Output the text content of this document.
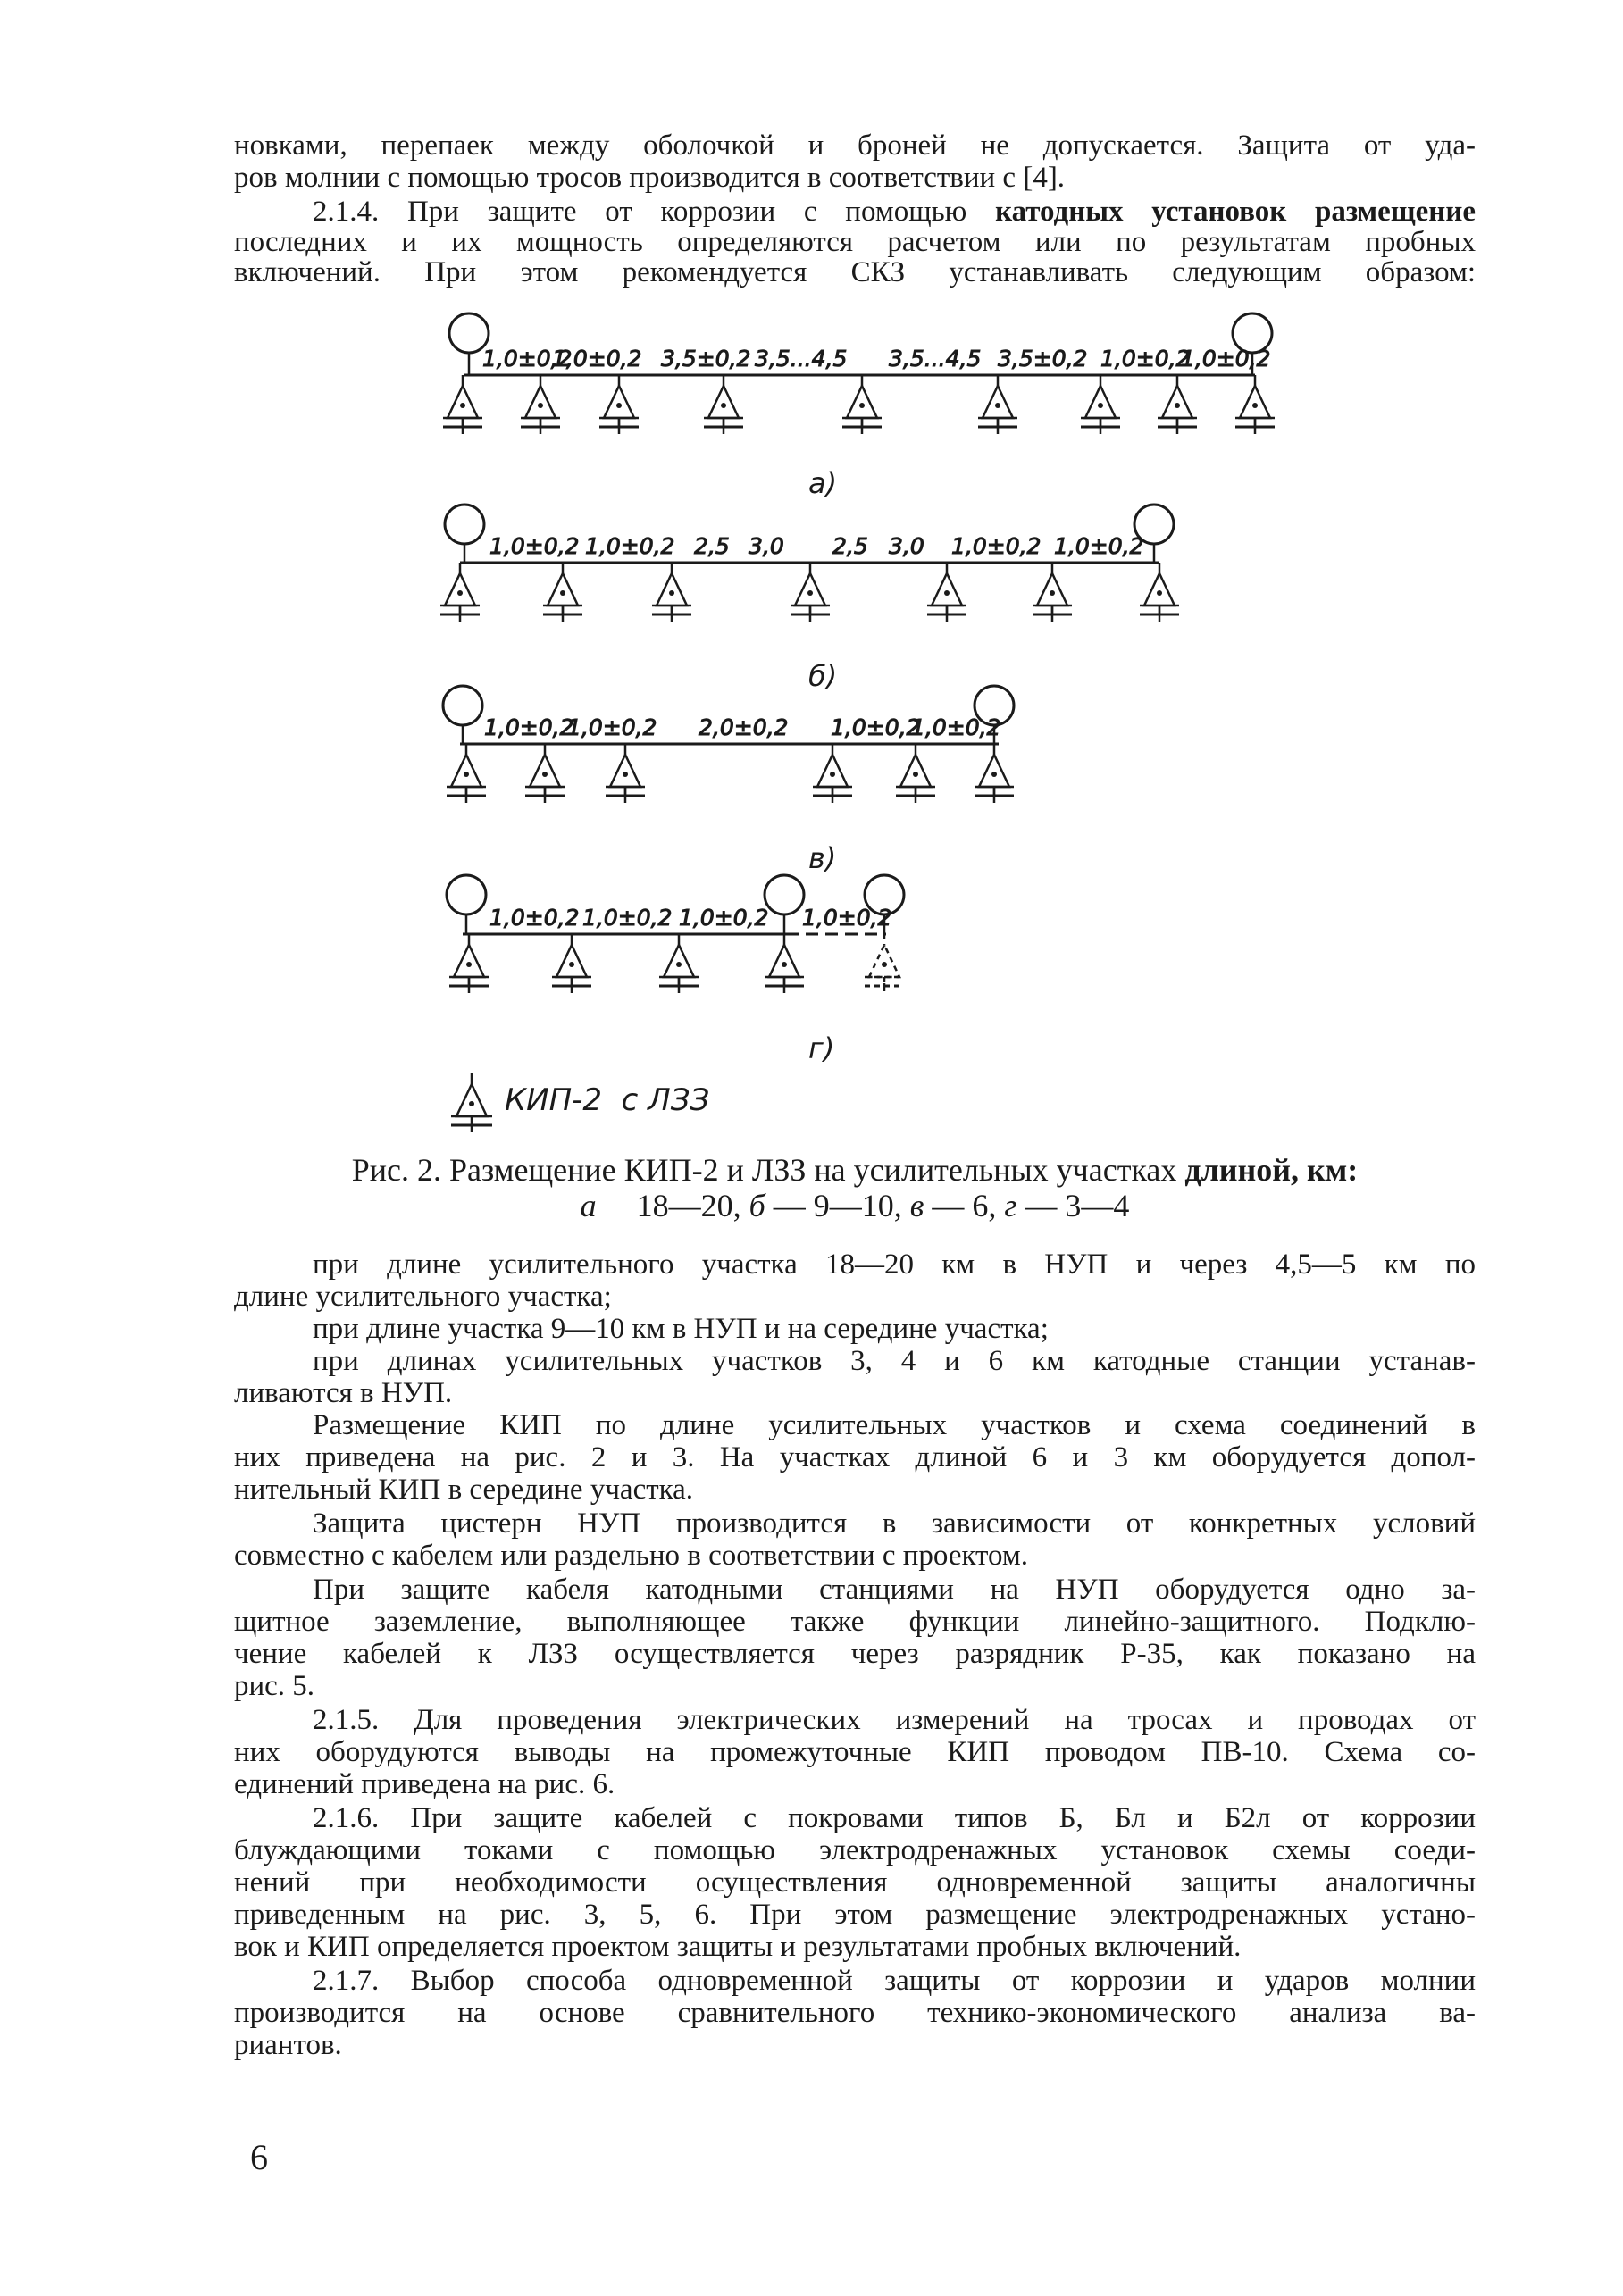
новками, перепаек между оболочкой и броней не допускается. Защита от уда-
ров молнии с помощью тросов производится в соответствии с [4].
2.1.4. При защите от коррозии с помощью катодных установок размещение
последних и их мощность определяются расчетом или по результатам пробных
включений. При этом рекомендуется СКЗ устанавливать следующим образом:
1,0±0,2
1,0±0,2 3,5±0,2 3,5...4,5 3,5...4,5 3,5±0,2 1,0±0,2
1,0±0,2
1,0±0,2 1,0±0,2 2,5 3,0 2,5 3,0 1,0±0,2 1,0±0,2
1,0±0,2
1,0±0,2 2,0±0,2 1,0±0,2
1,0±0,2
1,0±0,2 1,0±0,2 1,0±0,2 1,0±0,2
а)
б)
в)
г)
КИП-2  с ЛЗЗ
Рис. 2. Размещение КИП-2 и ЛЗЗ на усилительных участках длиной, км:
а 18—20, б — 9—10, в — 6, г — 3—4
при длине усилительного участка 18—20 км в НУП и через 4,5—5 км по
длине усилительного участка;
при длине участка 9—10 км в НУП и на середине участка;
при длинах усилительных участков 3, 4 и 6 км катодные станции устанав-
ливаются в НУП.
Размещение КИП по длине усилительных участков и схема соединений в
них приведена на рис. 2 и 3. На участках длиной 6 и 3 км оборудуется допол-
нительный КИП в середине участка.
Защита цистерн НУП производится в зависимости от конкретных условий
совместно с кабелем или раздельно в соответствии с проектом.
При защите кабеля катодными станциями на НУП оборудуется одно за-
щитное заземление, выполняющее также функции линейно-защитного. Подклю-
чение кабелей к ЛЗЗ осуществляется через разрядник Р-35, как показано на
рис. 5.
2.1.5. Для проведения электрических измерений на тросах и проводах от
них оборудуются выводы на промежуточные КИП проводом ПВ-10. Схема со-
единений приведена на рис. 6.
2.1.6. При защите кабелей с покровами типов Б, Бл и Б2л от коррозии
блуждающими токами с помощью электродренажных установок схемы соеди-
нений при необходимости осуществления одновременной защиты аналогичны
приведенным на рис. 3, 5, 6. При этом размещение электродренажных устано-
вок и КИП определяется проектом защиты и результатами пробных включений.
2.1.7. Выбор способа одновременной защиты от коррозии и ударов молнии
производится на основе сравнительного технико-экономического анализа ва-
риантов.
6
